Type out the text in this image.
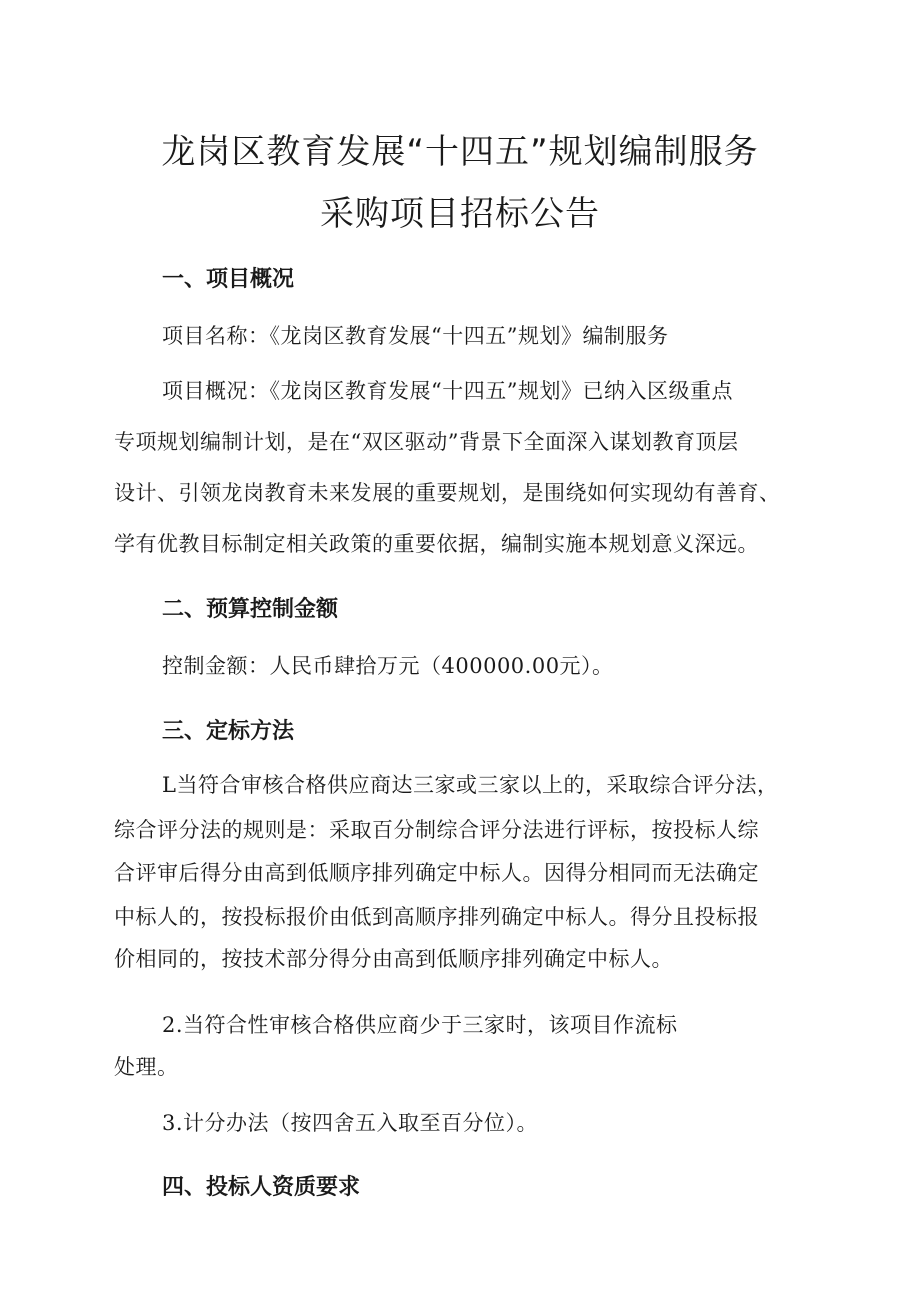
龙岗区教育发展“十四五”规划编制服务
采购项目招标公告
一、项目概况

项目名称：《龙岗区教育发展“十四五”规划》编制服务

项目概况：《龙岗区教育发展“十四五”规划》已纳入区级重点

专项规划编制计划，是在“双区驱动”背景下全面深入谋划教育顶层

设计、引领龙岗教育未来发展的重要规划，是围绕如何实现幼有善育、

学有优教目标制定相关政策的重要依据，编制实施本规划意义深远。

二、预算控制金额

控制金额：人民币肆拾万元（400000.00元）。

三、定标方法

L当符合审核合格供应商达三家或三家以上的，采取综合评分法，

综合评分法的规则是：采取百分制综合评分法进行评标，按投标人综

合评审后得分由高到低顺序排列确定中标人。因得分相同而无法确定

中标人的，按投标报价由低到高顺序排列确定中标人。得分且投标报

价相同的，按技术部分得分由高到低顺序排列确定中标人。

2.当符合性审核合格供应商少于三家时，该项目作流标

处理。

3.计分办法（按四舍五入取至百分位）。

四、投标人资质要求
